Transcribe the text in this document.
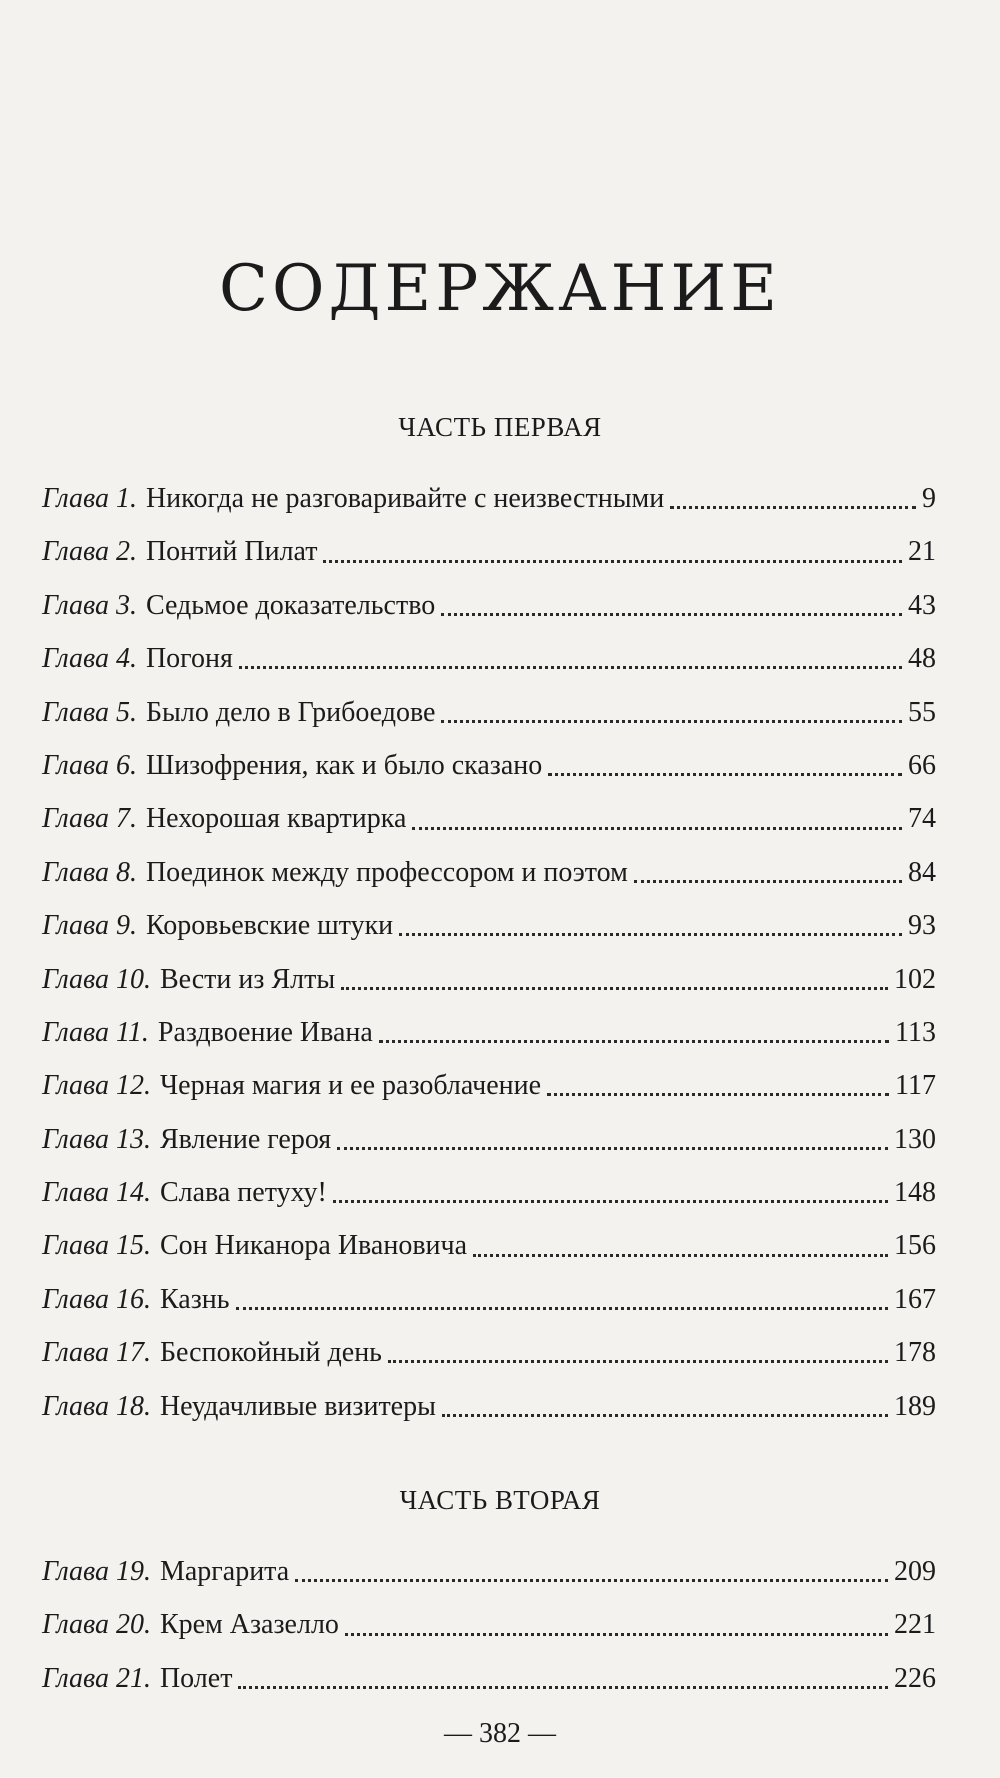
СОДЕРЖАНИЕ
ЧАСТЬ ПЕРВАЯ
Глава 1. Никогда не разговаривайте с неизвестными	9
Глава 2. Понтий Пилат	21
Глава 3. Седьмое доказательство	43
Глава 4. Погоня	48
Глава 5. Было дело в Грибоедове	55
Глава 6. Шизофрения, как и было сказано	66
Глава 7. Нехорошая квартирка	74
Глава 8. Поединок между профессором и поэтом	84
Глава 9. Коровьевские штуки	93
Глава 10. Вести из Ялты	102
Глава 11. Раздвоение Ивана	113
Глава 12. Черная магия и ее разоблачение	117
Глава 13. Явление героя	130
Глава 14. Слава петуху!	148
Глава 15. Сон Никанора Ивановича	156
Глава 16. Казнь	167
Глава 17. Беспокойный день	178
Глава 18. Неудачливые визитеры	189
ЧАСТЬ ВТОРАЯ
Глава 19. Маргарита	209
Глава 20. Крем Азазелло	221
Глава 21. Полет	226
— 382 —
